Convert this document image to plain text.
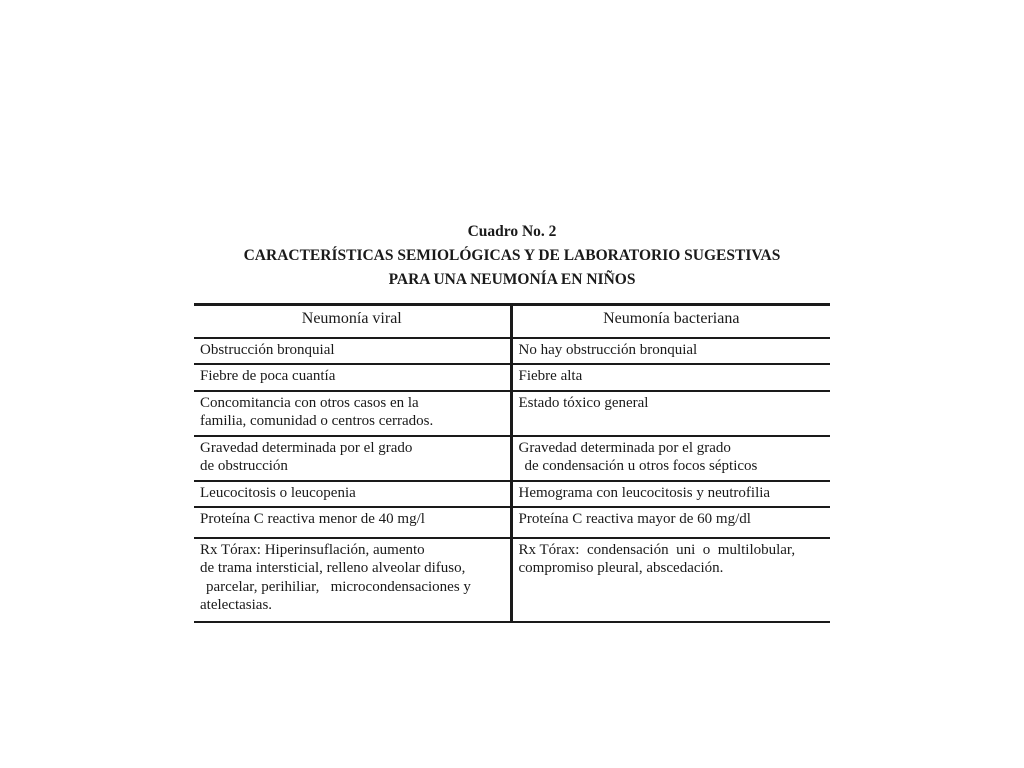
Cuadro No. 2
CARACTERÍSTICAS SEMIOLÓGICAS Y DE LABORATORIO SUGESTIVAS
PARA UNA NEUMONÍA EN NIÑOS
Neumonía viral	Neumonía bacteriana

Obstrucción bronquial	No hay obstrucción bronquial

Fiebre de poca cuantía	Fiebre alta

Concomitancia con otros casos en la
familia, comunidad o centros cerrados.	Estado tóxico general

Gravedad determinada por el grado
de obstrucción	Gravedad determinada por el grado
de condensación u otros focos sépticos

Leucocitosis o leucopenia	Hemograma con leucocitosis y neutrofilia

Proteína C reactiva menor de 40 mg/l	Proteína C reactiva mayor de 60 mg/dl

Rx Tórax: Hiperinsuflación, aumento
de trama intersticial, relleno alveolar difuso,
parcelar, perihiliar,   microcondensaciones y
atelectasias.	Rx Tórax:  condensación  uni  o  multilobular,
compromiso pleural, abscedación.
